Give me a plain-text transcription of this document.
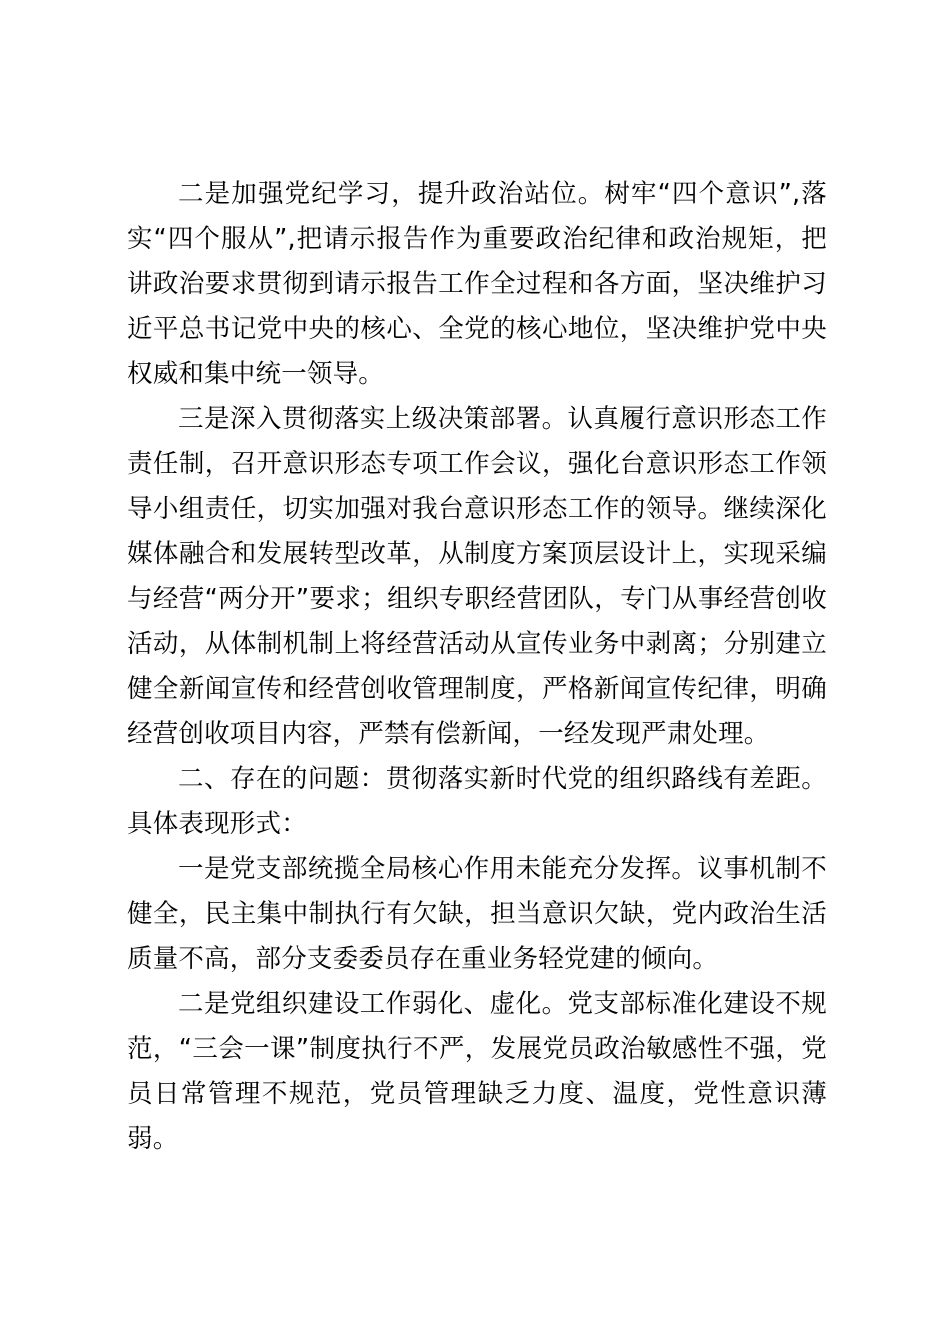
二是加强党纪学习，提升政治站位。树牢“四个意识”,落实“四个服从”,把请示报告作为重要政治纪律和政治规矩，把讲政治要求贯彻到请示报告工作全过程和各方面，坚决维护习近平总书记党中央的核心、全党的核心地位，坚决维护党中央权威和集中统一领导。

三是深入贯彻落实上级决策部署。认真履行意识形态工作责任制，召开意识形态专项工作会议，强化台意识形态工作领导小组责任，切实加强对我台意识形态工作的领导。继续深化媒体融合和发展转型改革，从制度方案顶层设计上，实现采编与经营“两分开”要求；组织专职经营团队，专门从事经营创收活动，从体制机制上将经营活动从宣传业务中剥离；分别建立健全新闻宣传和经营创收管理制度，严格新闻宣传纪律，明确经营创收项目内容，严禁有偿新闻，一经发现严肃处理。

二、存在的问题：贯彻落实新时代党的组织路线有差距。具体表现形式：

一是党支部统揽全局核心作用未能充分发挥。议事机制不健全，民主集中制执行有欠缺，担当意识欠缺，党内政治生活质量不高，部分支委委员存在重业务轻党建的倾向。

二是党组织建设工作弱化、虚化。党支部标准化建设不规范，“三会一课”制度执行不严，发展党员政治敏感性不强，党员日常管理不规范，党员管理缺乏力度、温度，党性意识薄弱。
